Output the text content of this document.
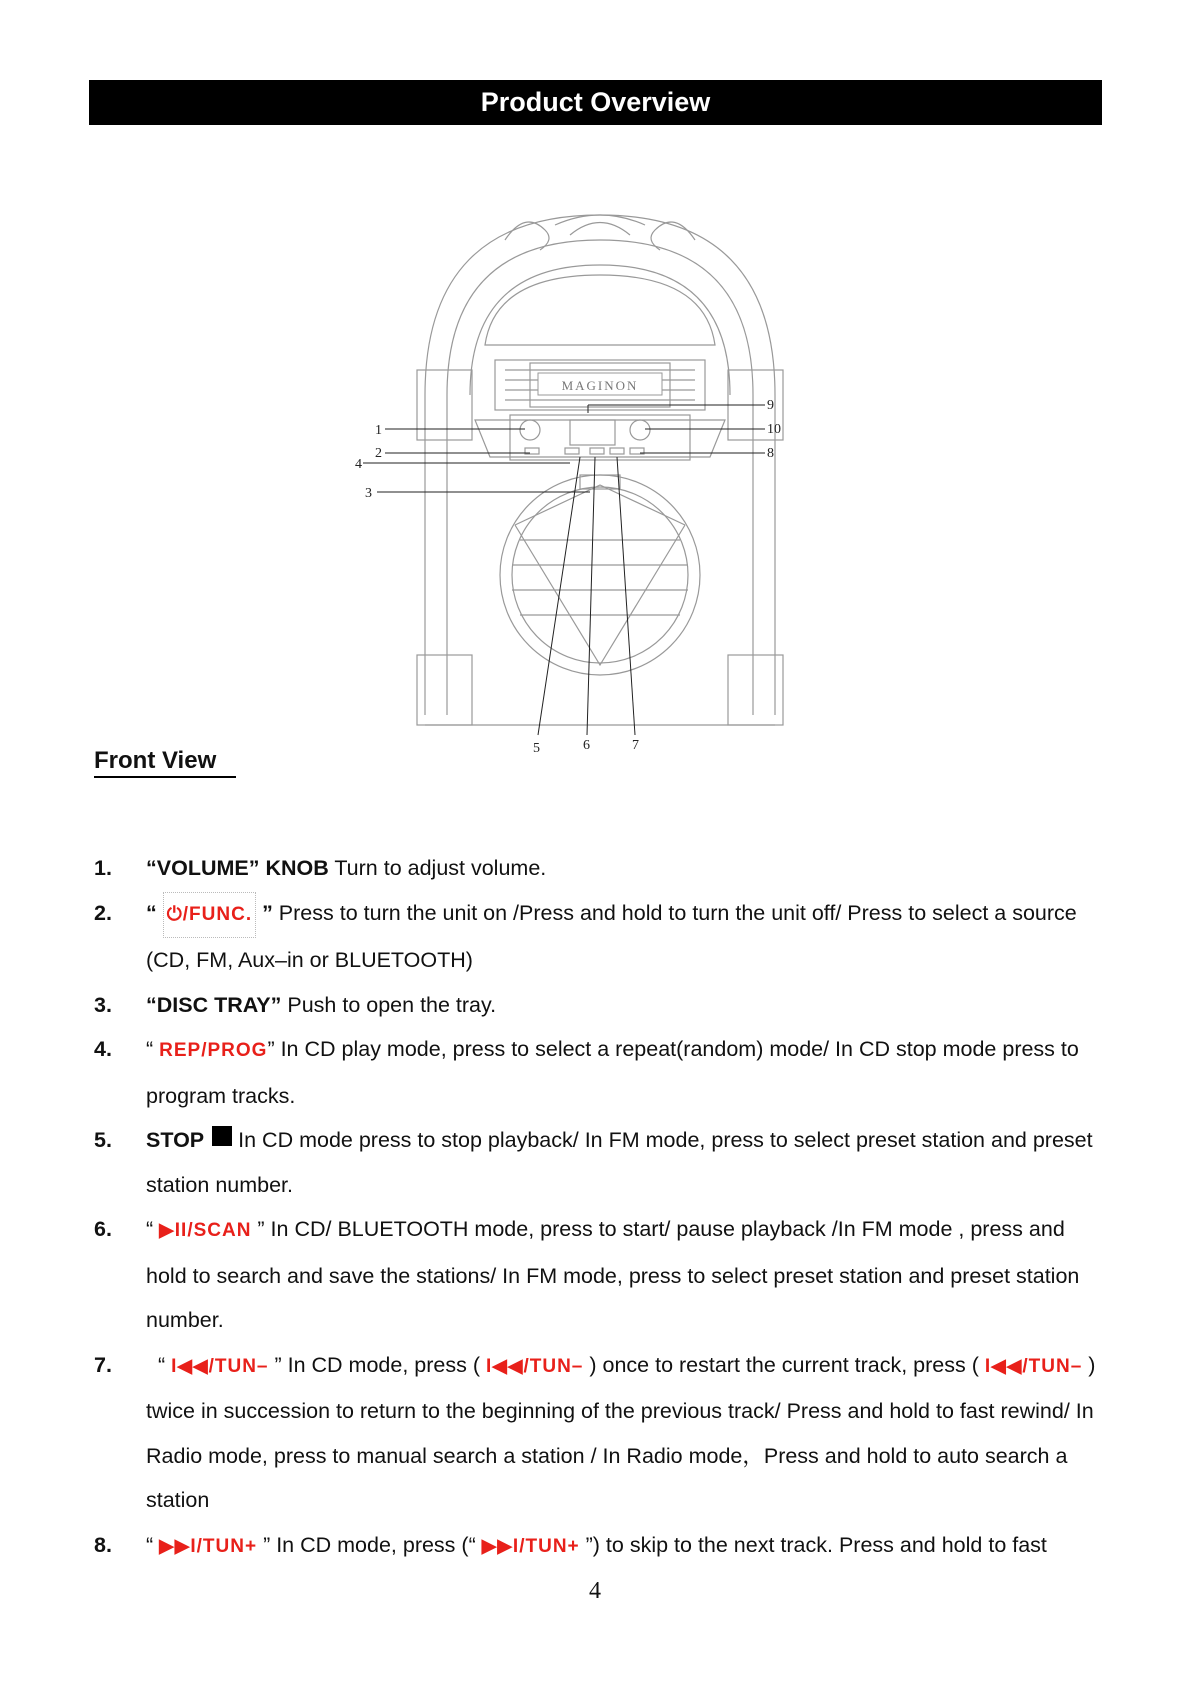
Product Overview
MAGINON
1
2
3
4
5	6	7
8
9
10
Front View
1. “VOLUME” KNOB Turn to adjust volume.
2. “ ⏻/FUNC. ” Press to turn the unit on /Press and hold to turn the unit off/ Press to select a source (CD, FM, Aux–in or BLUETOOTH)
3. “DISC TRAY” Push to open the tray.
4. “ REP/PROG” In CD play mode, press to select a repeat(random) mode/ In CD stop mode press to program tracks.
5. STOP In CD mode press to stop playback/ In FM mode, press to select preset station and preset station number.
6. “ ▶II/SCAN ” In CD/ BLUETOOTH mode, press to start/ pause playback /In FM mode , press and hold to search and save the stations/ In FM mode, press to select preset station and preset station number.
7. “ I◀◀/TUN– ” In CD mode, press ( I◀◀/TUN– ) once to restart the current track, press ( I◀◀/TUN– ) twice in succession to return to the beginning of the previous track/ Press and hold to fast rewind/ In Radio mode, press to manual search a station / In Radio mode，Press and hold to auto search a station
8. “ ▶▶I/TUN+ ” In CD mode, press (“ ▶▶I/TUN+ ”) to skip to the next track. Press and hold to fast
4
